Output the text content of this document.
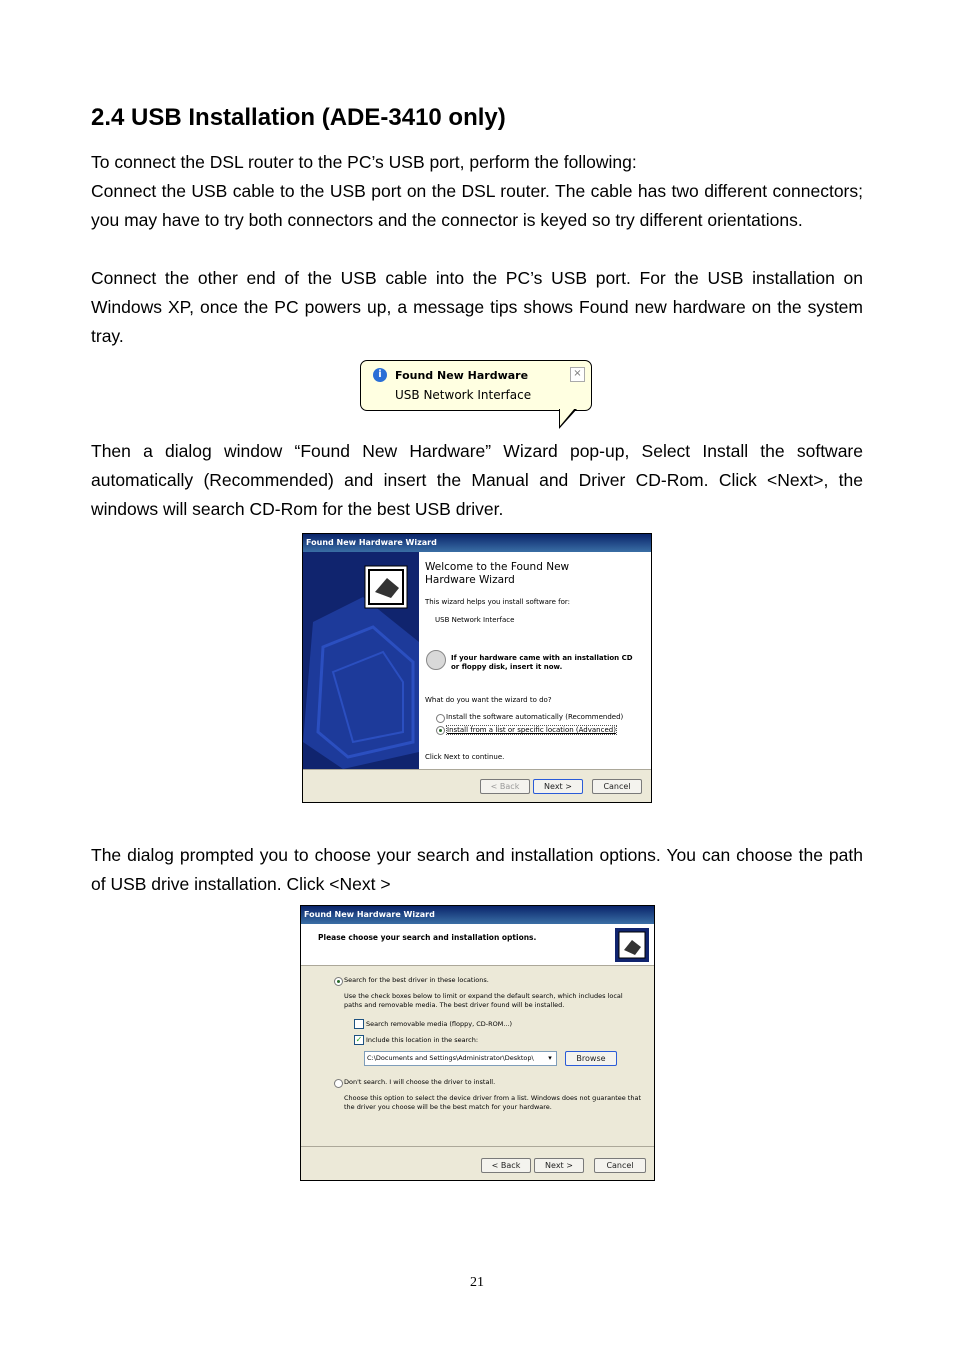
2.4 USB Installation (ADE-3410 only)

To connect the DSL router to the PC’s USB port, perform the following:

Connect the USB cable to the USB port on the DSL router. The cable has two different connectors; you may have to try both connectors and the connector is keyed so try different orientations.

Connect the other end of the USB cable into the PC’s USB port. For the USB installation on Windows XP, once the PC powers up, a message tips shows Found new hardware on the system tray.

i	Found New Hardware
USB Network Interface
×

Then a dialog window “Found New Hardware” Wizard pop-up, Select Install the software automatically (Recommended) and insert the Manual and Driver CD-Rom. Click <Next>, the windows will search CD-Rom for the best USB driver.

Found New Hardware Wizard
Welcome to the Found New
Hardware Wizard
This wizard helps you install software for:
USB Network Interface
If your hardware came with an installation CD
or floppy disk, insert it now.
What do you want the wizard to do?
Install the software automatically (Recommended)
Install from a list or specific location (Advanced)
Click Next to continue.
< Back	Next >	Cancel

The dialog prompted you to choose your search and installation options. You can choose the path of USB drive installation. Click <Next >

Found New Hardware Wizard
Please choose your search and installation options.
Search for the best driver in these locations.
Use the check boxes below to limit or expand the default search, which includes local
paths and removable media. The best driver found will be installed.
Search removable media (floppy, CD-ROM...)
✓ Include this location in the search:
C:\Documents and Settings\Administrator\Desktop\	▾	Browse
Don't search. I will choose the driver to install.
Choose this option to select the device driver from a list. Windows does not guarantee that
the driver you choose will be the best match for your hardware.
< Back	Next >	Cancel
21
